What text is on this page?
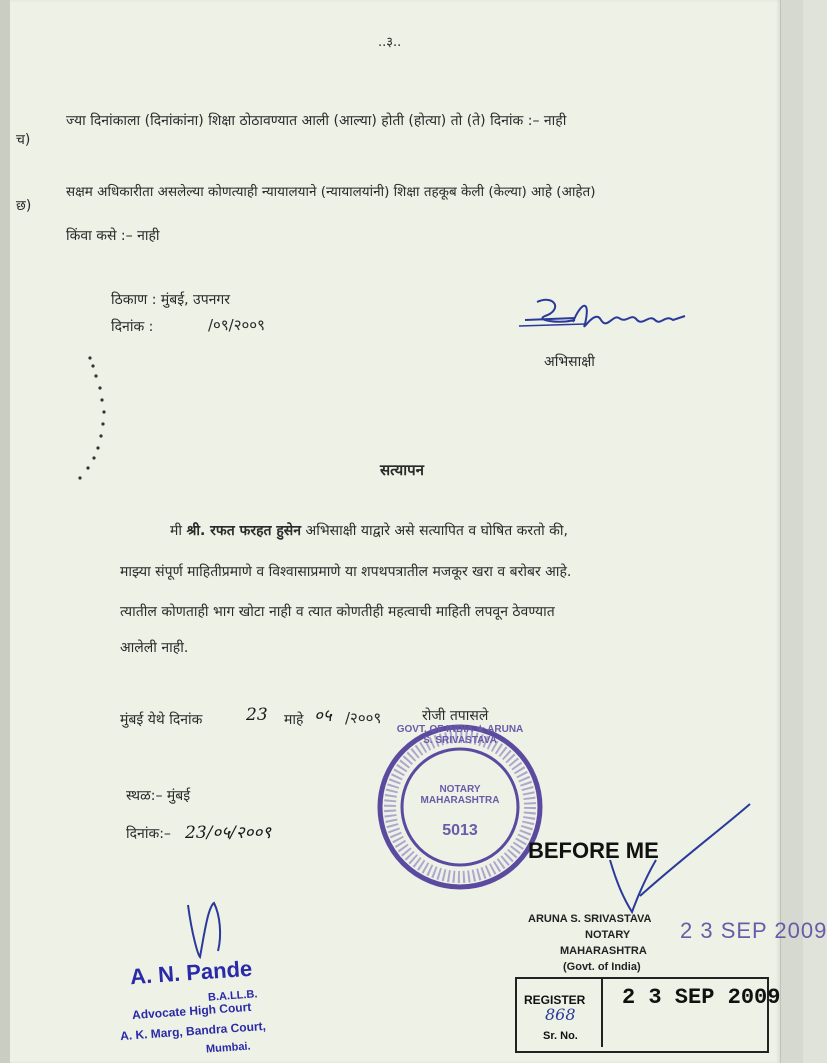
..३..
च)
ज्या दिनांकाला (दिनांकांना) शिक्षा ठोठावण्यात आली (आल्या) होती (होत्या) तो (ते) दिनांक :– नाही
छ)
सक्षम अधिकारीता असलेल्या कोणत्याही न्यायालयाने (न्यायालयांनी) शिक्षा तहकूब केली (केल्या) आहे (आहेत)
किंवा कसे :– नाही
ठिकाण : मुंबई, उपनगर
दिनांक :	/०९/२००९
अभिसाक्षी
सत्यापन
मी श्री. रफत फरहत हुसेन अभिसाक्षी याद्वारे असे सत्यापित व घोषित करतो की,
माझ्या संपूर्ण माहितीप्रमाणे व विश्वासाप्रमाणे या शपथपत्रातील मजकूर खरा व बरोबर आहे.
त्यातील कोणताही भाग खोटा नाही व त्यात कोणतीही महत्वाची माहिती लपवून ठेवण्यात
आलेली नाही.
मुंबई येथे दिनांक	23 माहे ०५ /२००९	रोजी तपासले
स्थळ:– मुंबई
दिनांक:– 23/०५/२००९
GOVT. OF INDIA ★ ARUNA S. SRIVASTAVA
NOTARY MAHARASHTRA
5013
BEFORE ME
ARUNA S. SRIVASTAVA
NOTARY
MAHARASHTRA
(Govt. of India)
2 3 SEP 2009
A. N. Pande
B.A.LL.B.
Advocate High Court
A. K. Marg, Bandra Court,
Mumbai.
REGISTER
868
Sr. No.
2 3 SEP 2009
